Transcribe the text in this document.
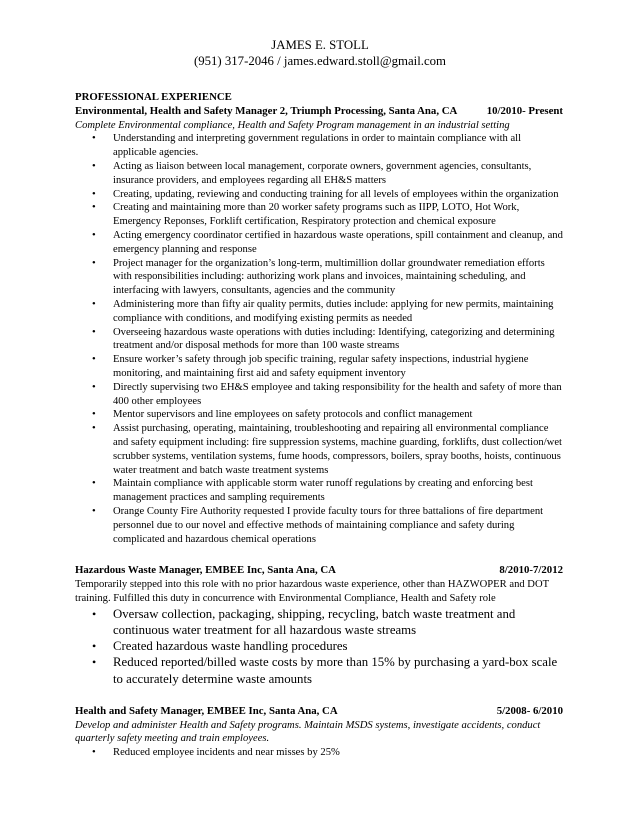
JAMES E. STOLL
(951) 317-2046 / james.edward.stoll@gmail.com
PROFESSIONAL EXPERIENCE
Environmental, Health and Safety Manager 2, Triumph Processing, Santa Ana, CA	10/2010- Present
Complete Environmental compliance, Health and Safety Program management in an industrial setting
• Understanding and interpreting government regulations in order to maintain compliance with all applicable agencies.
• Acting as liaison between local management, corporate owners, government agencies, consultants, insurance providers, and employees regarding all EH&S matters
• Creating, updating, reviewing and conducting training for all levels of employees within the organization
• Creating and maintaining more than 20 worker safety programs such as IIPP, LOTO, Hot Work, Emergency Reponses, Forklift certification, Respiratory protection and chemical exposure
• Acting emergency coordinator certified in hazardous waste operations, spill containment and cleanup, and emergency planning and response
• Project manager for the organization’s long-term, multimillion dollar groundwater remediation efforts with responsibilities including: authorizing work plans and invoices, maintaining scheduling, and interfacing with lawyers, consultants, agencies and the community
• Administering more than fifty air quality permits, duties include: applying for new permits, maintaining compliance with conditions, and modifying existing permits as needed
• Overseeing hazardous waste operations with duties including: Identifying, categorizing and determining treatment and/or disposal methods for more than 100 waste streams
• Ensure worker’s safety through job specific training, regular safety inspections, industrial hygiene monitoring, and maintaining first aid and safety equipment inventory
• Directly supervising two EH&S employee and taking responsibility for the health and safety of more than 400 other employees
• Mentor supervisors and line employees on safety protocols and conflict management
• Assist purchasing, operating, maintaining, troubleshooting and repairing all environmental compliance and safety equipment including: fire suppression systems, machine guarding, forklifts, dust collection/wet scrubber systems, ventilation systems, fume hoods, compressors, boilers, spray booths, hoists, continuous water treatment and batch waste treatment systems
• Maintain compliance with applicable storm water runoff regulations by creating and enforcing best management practices and sampling requirements
• Orange County Fire Authority requested I provide faculty tours for three battalions of fire department personnel due to our novel and effective methods of maintaining compliance and safety during complicated and hazardous chemical operations
Hazardous Waste Manager, EMBEE Inc, Santa Ana, CA	8/2010-7/2012
Temporarily stepped into this role with no prior hazardous waste experience, other than HAZWOPER and DOT training. Fulfilled this duty in concurrence with Environmental Compliance, Health and Safety role
• Oversaw collection, packaging, shipping, recycling, batch waste treatment and continuous water treatment for all hazardous waste streams
• Created hazardous waste handling procedures
• Reduced reported/billed waste costs by more than 15% by purchasing a yard-box scale to accurately determine waste amounts
Health and Safety Manager, EMBEE Inc, Santa Ana, CA	5/2008- 6/2010
Develop and administer Health and Safety programs. Maintain MSDS systems, investigate accidents, conduct quarterly safety meeting and train employees.
• Reduced employee incidents and near misses by 25%
